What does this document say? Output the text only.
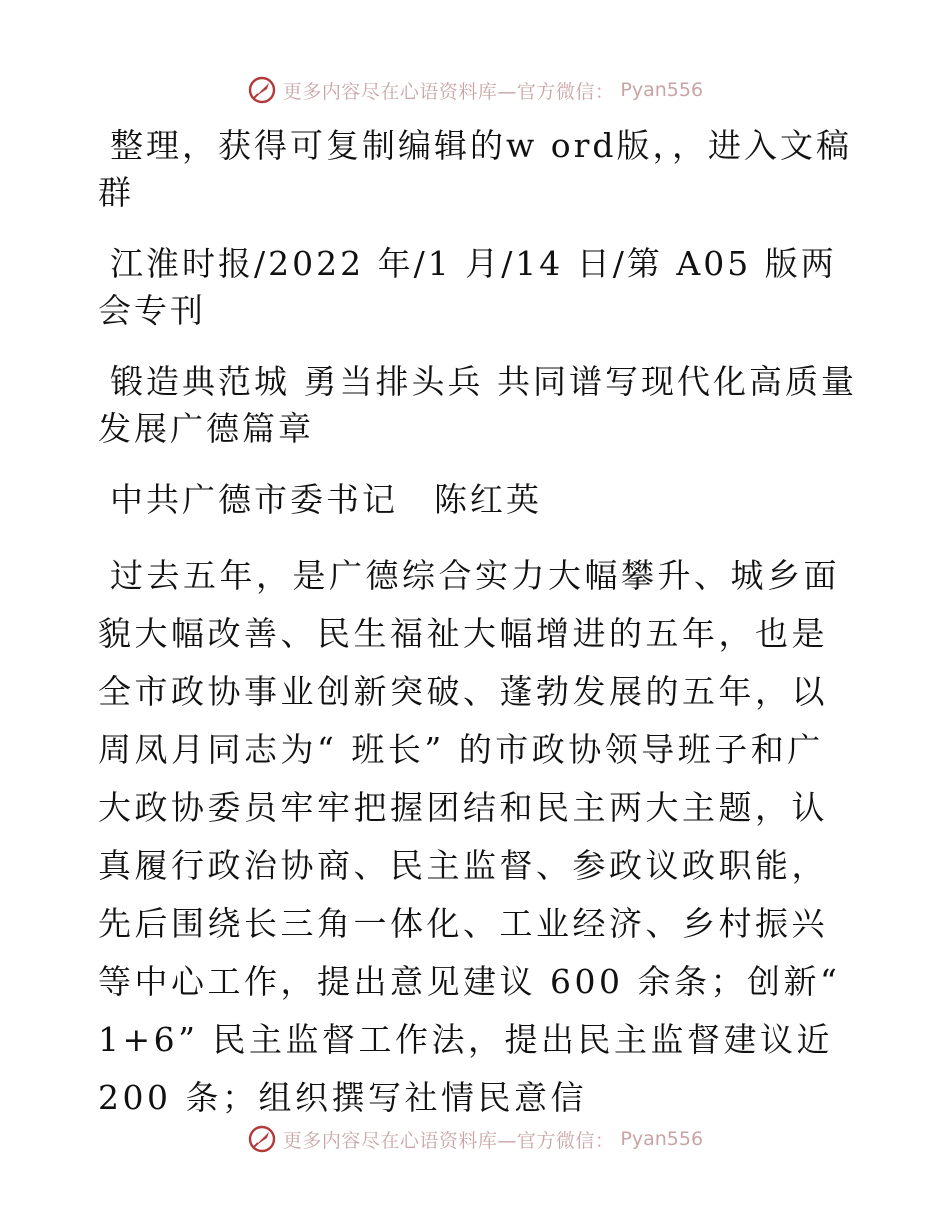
更多内容尽在心语资料库—官方微信： Pyan556

整理，获得可复制编辑的w ord版，，进入文稿群

江淮时报/2022 年/1 月/14 日/第 A05 版两会专刊

锻造典范城 勇当排头兵 共同谱写现代化高质量发展广德篇章

中共广德市委书记　陈红英

过去五年，是广德综合实力大幅攀升、城乡面貌大幅改善、民生福祉大幅增进的五年，也是全市政协事业创新突破、蓬勃发展的五年，以周凤月同志为“ 班长” 的市政协领导班子和广大政协委员牢牢把握团结和民主两大主题，认真履行政治协商、民主监督、参政议政职能，先后围绕长三角一体化、工业经济、乡村振兴等中心工作，提出意见建议 600 余条；创新“ 1+6” 民主监督工作法，提出民主监督建议近 200 条；组织撰写社情民意信

更多内容尽在心语资料库—官方微信： Pyan556
